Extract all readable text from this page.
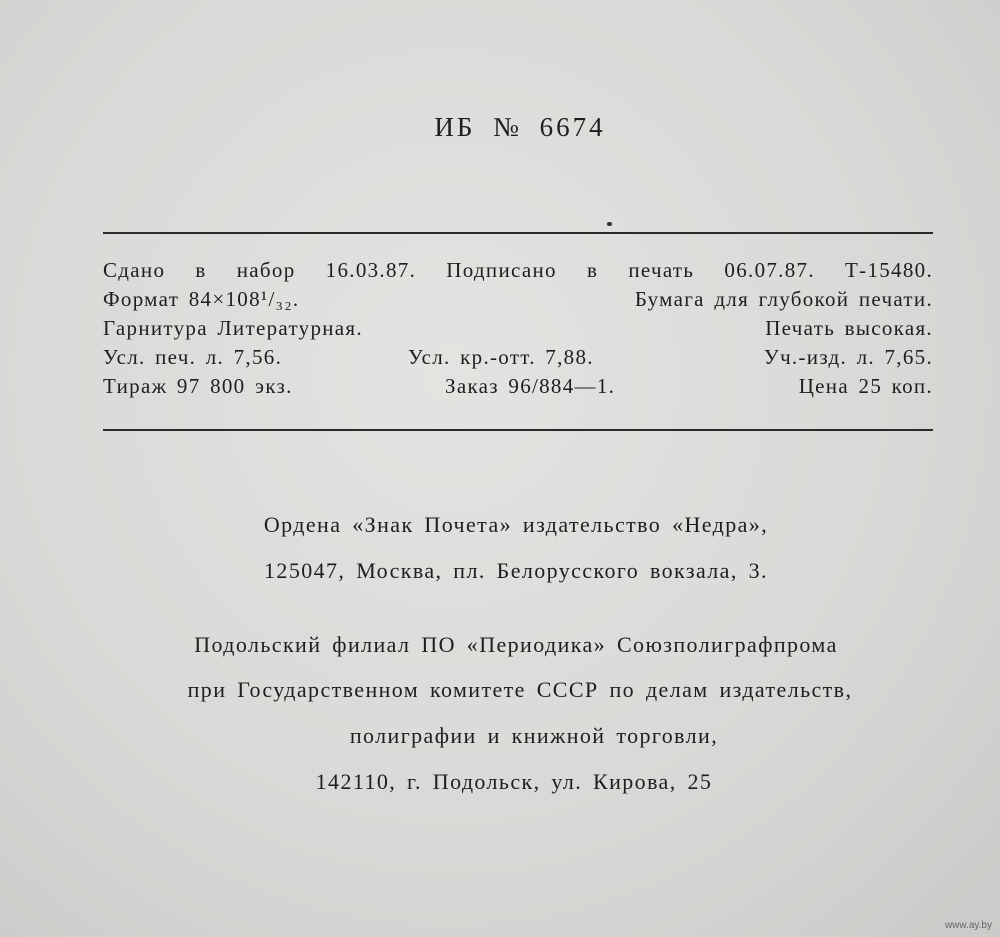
ИБ № 6674
Сдано в набор 16.03.87. Подписано в печать 06.07.87. Т-15480.
Формат 84×108¹/₃₂.	Бумага для глубокой печати.
Гарнитура Литературная.	Печать высокая.
Усл. печ. л. 7,56.	Усл. кр.-отт. 7,88.	Уч.-изд. л. 7,65.
Тираж 97 800 экз.	Заказ 96/884—1.	Цена 25 коп.
Ордена «Знак Почета» издательство «Недра»,
125047, Москва, пл. Белорусского вокзала, 3.
Подольский филиал ПО «Периодика» Союзполиграфпрома
при Государственном комитете СССР по делам издательств,
полиграфии и книжной торговли,
142110, г. Подольск, ул. Кирова, 25
www.ay.by
